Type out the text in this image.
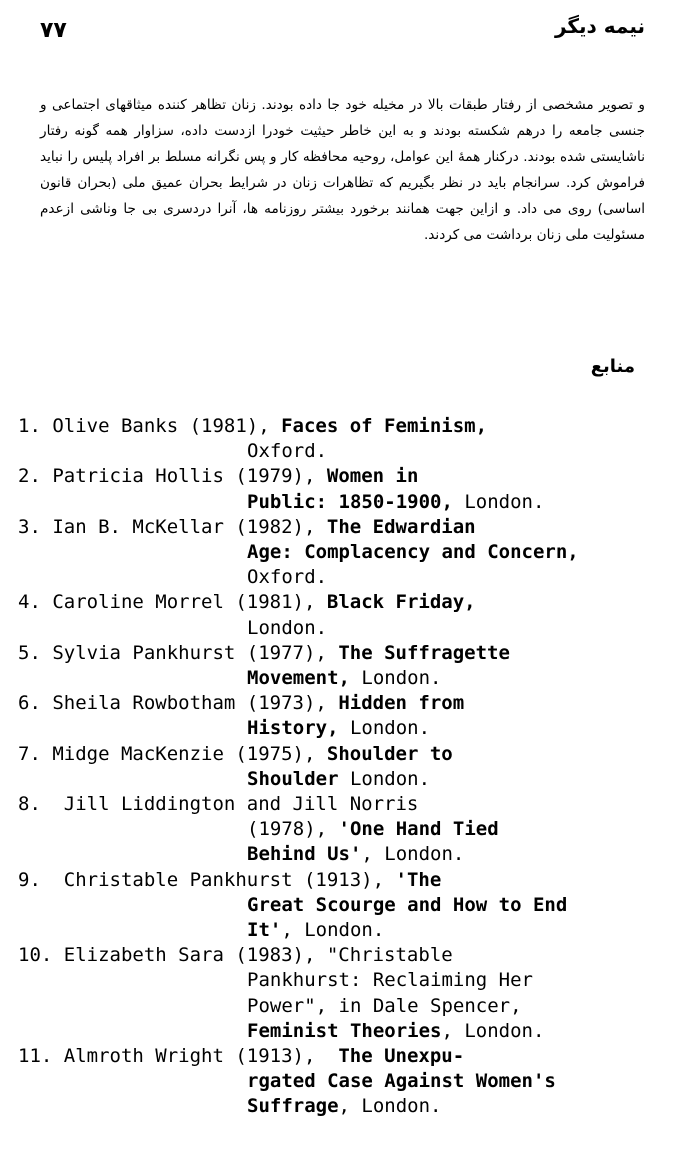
۷۷	نیمه دیگر
و تصویر مشخصی از رفتار طبقات بالا در مخیله خود جا داده بودند. زنان تظاهر کننده میثاقهای اجتماعی و جنسی جامعه را درهم شکسته بودند و به این خاطر حیثیت خودرا ازدست داده، سزاوار همه گونه رفتار ناشایستی شده بودند. درکنار همهٔ این عوامل، روحیه محافظه کار و پس نگرانه مسلط بر افراد پلیس را نباید فراموش کرد. سرانجام باید در نظر بگیریم که تظاهرات زنان در شرایط بحران عمیق ملی (بحران قانون اساسی) روی می داد. و ازاین جهت همانند برخورد بیشتر روزنامه ها، آنرا دردسری بی جا وناشی ازعدم مسئولیت ملی زنان برداشت می کردند.
منابع
1. Olive Banks (1981), Faces of Feminism,
Oxford.
2. Patricia Hollis (1979), Women in
Public: 1850-1900, London.
3. Ian B. McKellar (1982), The Edwardian
Age: Complacency and Concern,
Oxford.
4. Caroline Morrel (1981), Black Friday,
London.
5. Sylvia Pankhurst (1977), The Suffragette
Movement, London.
6. Sheila Rowbotham (1973), Hidden from
History, London.
7. Midge MacKenzie (1975), Shoulder to
Shoulder London.
8.  Jill Liddington and Jill Norris
(1978), 'One Hand Tied
Behind Us', London.
9.  Christable Pankhurst (1913), 'The
Great Scourge and How to End
It', London.
10. Elizabeth Sara (1983), "Christable
Pankhurst: Reclaiming Her
Power", in Dale Spencer,
Feminist Theories, London.
11. Almroth Wright (1913),  The Unexpu-
rgated Case Against Women's
Suffrage, London.
